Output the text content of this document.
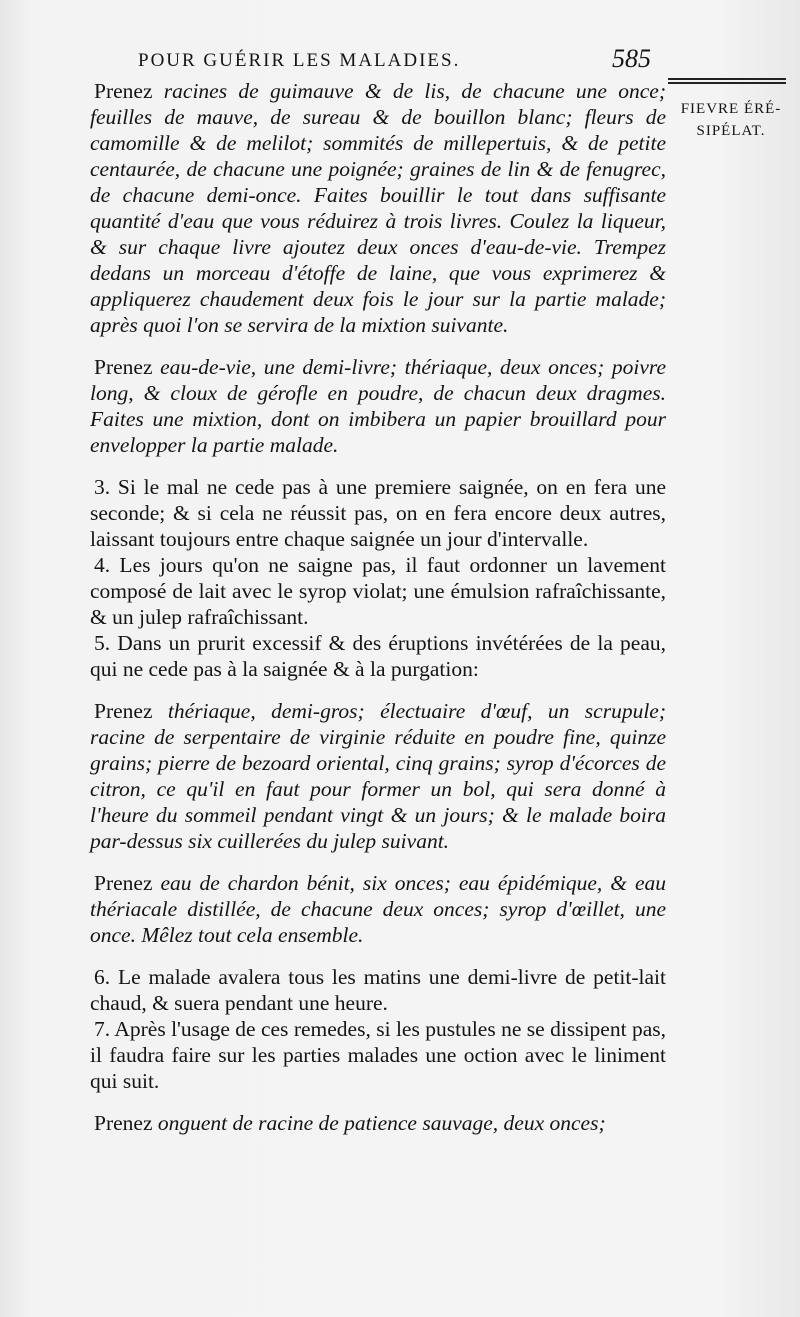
POUR GUÉRIR LES MALADIES.	585
FIEVRE ÉRÉ-
SIPÉLAT.

Prenez racines de guimauve & de lis, de chacune une once; feuilles de mauve, de sureau & de bouillon blanc; fleurs de camomille & de melilot; sommités de millepertuis, & de petite centaurée, de chacune une poignée; graines de lin & de fenugrec, de chacune demi-once. Faites bouillir le tout dans suffisante quantité d'eau que vous réduirez à trois livres. Coulez la liqueur, & sur chaque livre ajoutez deux onces d'eau-de-vie. Trempez dedans un morceau d'étoffe de laine, que vous exprimerez & appliquerez chaudement deux fois le jour sur la partie malade; après quoi l'on se servira de la mixtion suivante.

Prenez eau-de-vie, une demi-livre; thériaque, deux onces; poivre long, & cloux de gérofle en poudre, de chacun deux dragmes. Faites une mixtion, dont on imbibera un papier brouillard pour envelopper la partie malade.

3. Si le mal ne cede pas à une premiere saignée, on en fera une seconde; & si cela ne réussit pas, on en fera encore deux autres, laissant toujours entre chaque saignée un jour d'intervalle.

4. Les jours qu'on ne saigne pas, il faut ordonner un lavement composé de lait avec le syrop violat; une émulsion rafraîchissante, & un julep rafraîchissant.

5. Dans un prurit excessif & des éruptions invétérées de la peau, qui ne cede pas à la saignée & à la purgation:

Prenez thériaque, demi-gros; électuaire d'œuf, un scrupule; racine de serpentaire de virginie réduite en poudre fine, quinze grains; pierre de bezoard oriental, cinq grains; syrop d'écorces de citron, ce qu'il en faut pour former un bol, qui sera donné à l'heure du sommeil pendant vingt & un jours; & le malade boira par-dessus six cuillerées du julep suivant.

Prenez eau de chardon bénit, six onces; eau épidémique, & eau thériacale distillée, de chacune deux onces; syrop d'œillet, une once. Mêlez tout cela ensemble.

6. Le malade avalera tous les matins une demi-livre de petit-lait chaud, & suera pendant une heure.

7. Après l'usage de ces remedes, si les pustules ne se dissipent pas, il faudra faire sur les parties malades une oction avec le liniment qui suit.

Prenez onguent de racine de patience sauvage, deux onces;
